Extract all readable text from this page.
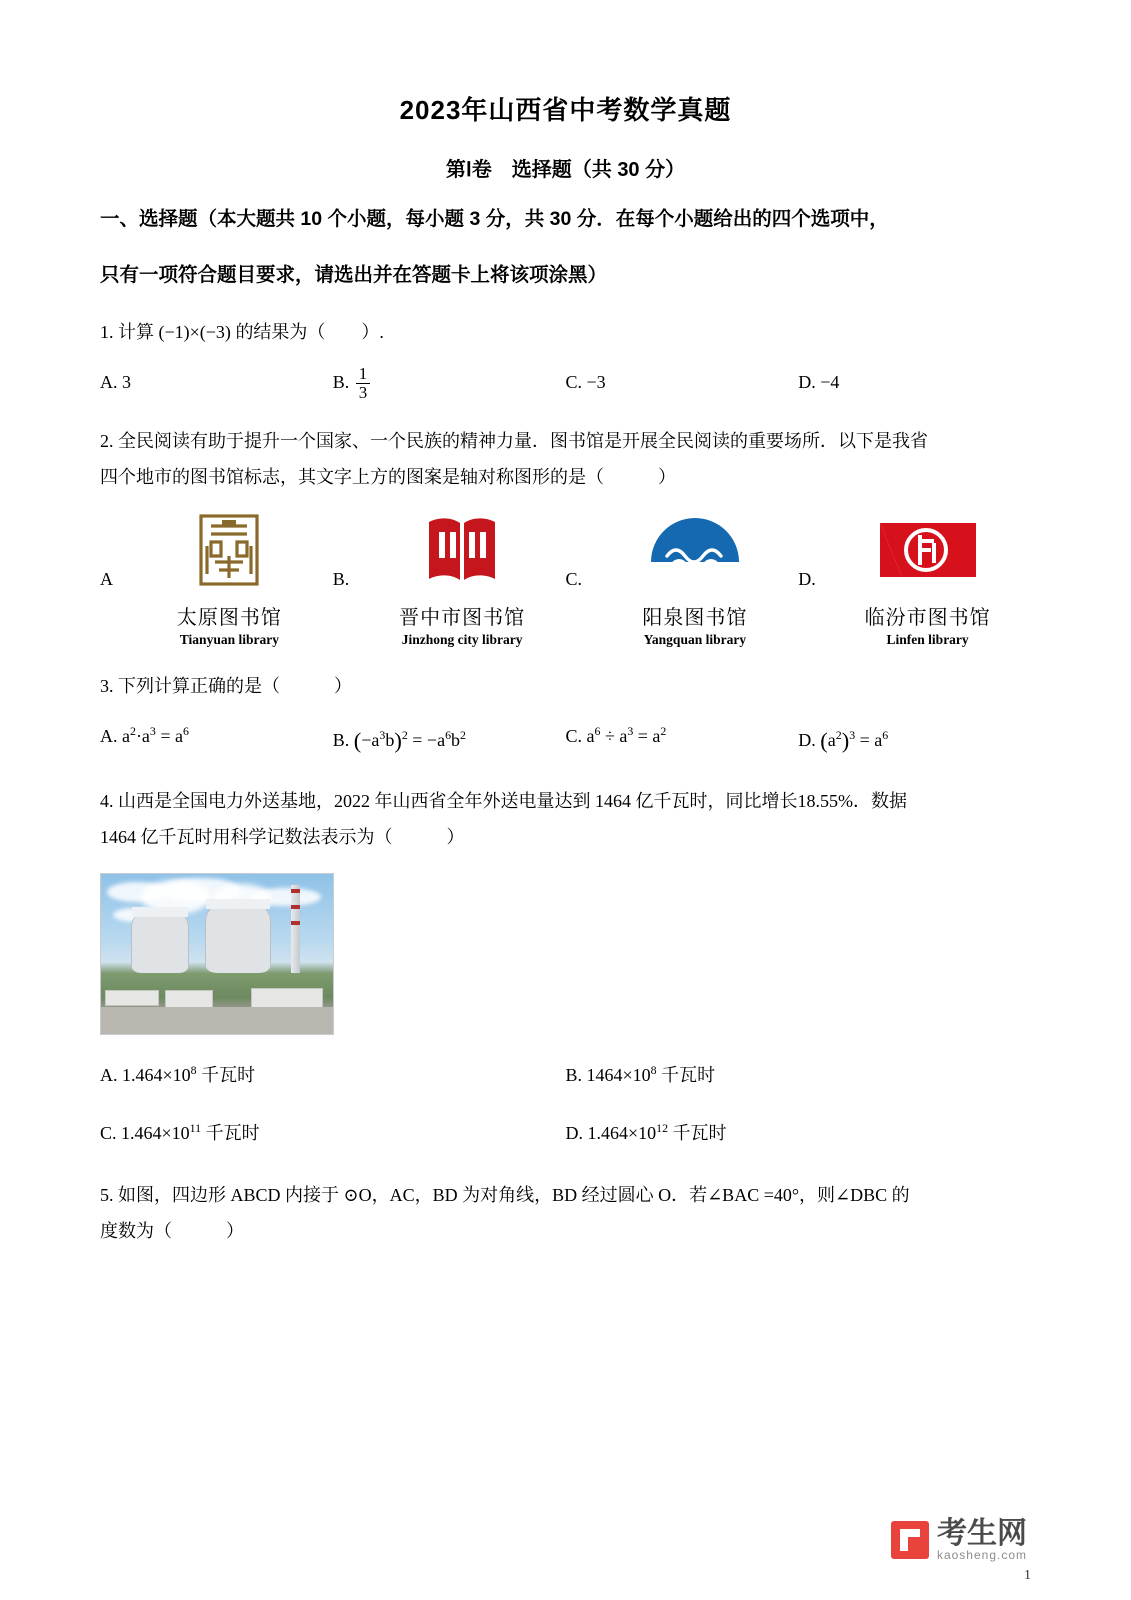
2023年山西省中考数学真题
第Ⅰ卷　选择题（共 30 分）
一、选择题（本大题共 10 个小题，每小题 3 分，共 30 分．在每个小题给出的四个选项中，
只有一项符合题目要求，请选出并在答题卡上将该项涂黑）
1. 计算 (−1)×(−3) 的结果为（　　）.
A. 3	B. $\frac{1}{3}$	C. −3	D. −4
2. 全民阅读有助于提升一个国家、一个民族的精神力量．图书馆是开展全民阅读的重要场所．以下是我省
四个地市的图书馆标志，其文字上方的图案是轴对称图形的是（　　　）
A
太原图书馆
Tianyuan library
B.
晋中市图书馆
Jinzhong city library
C.
阳泉图书馆
Yangquan library
D.
临汾市图书馆
Linfen library
3. 下列计算正确的是（　　　）
A. $a^2\cdot a^3 = a^6$	B. $(-a^3b)^2 = -a^6b^2$	C. $a^6 \div a^3 = a^2$	D. $(a^2)^3 = a^6$
4. 山西是全国电力外送基地，2022 年山西省全年外送电量达到 1464 亿千瓦时，同比增长18.55%．数据
1464 亿千瓦时用科学记数法表示为（　　　）
A. $1.464\times 10^8$ 千瓦时	B. $1464\times 10^8$ 千瓦时
C. $1.464\times 10^{11}$ 千瓦时	D. $1.464\times 10^{12}$ 千瓦时
5. 如图，四边形 ABCD 内接于 ⊙O，AC，BD 为对角线，BD 经过圆心 O．若∠BAC =40°，则∠DBC 的
度数为（　　　）
考生网
kaosheng.com
1
